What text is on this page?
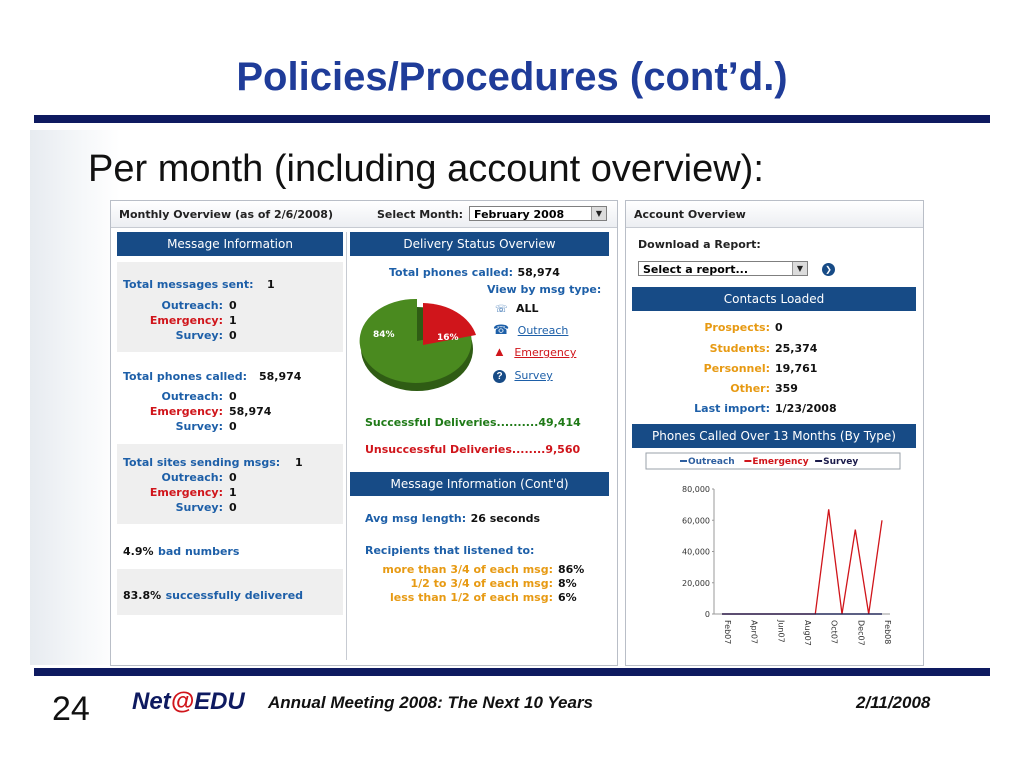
Policies/Procedures (cont’d.)
Per month (including account overview):
Monthly Overview (as of 2/6/2008)	Select Month: February 2008	▼
Message Information
Total messages sent: 1
Outreach: 0
Emergency: 1
Survey: 0
Total phones called: 58,974
Outreach: 0
Emergency: 58,974
Survey: 0
Total sites sending msgs: 1
Outreach: 0
Emergency: 1
Survey: 0
4.9% bad numbers
83.8% successfully delivered
Delivery Status Overview
Total phones called: 58,974
84%	16%
View by msg type:
☏ ALL
☎ Outreach
▲ Emergency
? Survey
Successful Deliveries..........49,414
Unsuccessful Deliveries........9,560
Message Information (Cont'd)
Avg msg length: 26 seconds
Recipients that listened to:
more than 3/4 of each msg: 86%
1/2 to 3/4 of each msg: 8%
less than 1/2 of each msg: 6%
Account Overview
Download a Report:
Select a report...	▼	❯
Contacts Loaded
Prospects: 0
Students: 25,374
Personnel: 19,761
Other: 359
Last import: 1/23/2008
Phones Called Over 13 Months (By Type)
Outreach Emergency Survey
80,000
60,000
40,000
20,000
0
Feb07 Apr07 Jun07 Aug07 Oct07 Dec07 Feb08
24 Net@EDU Annual Meeting 2008: The Next 10 Years	2/11/2008
